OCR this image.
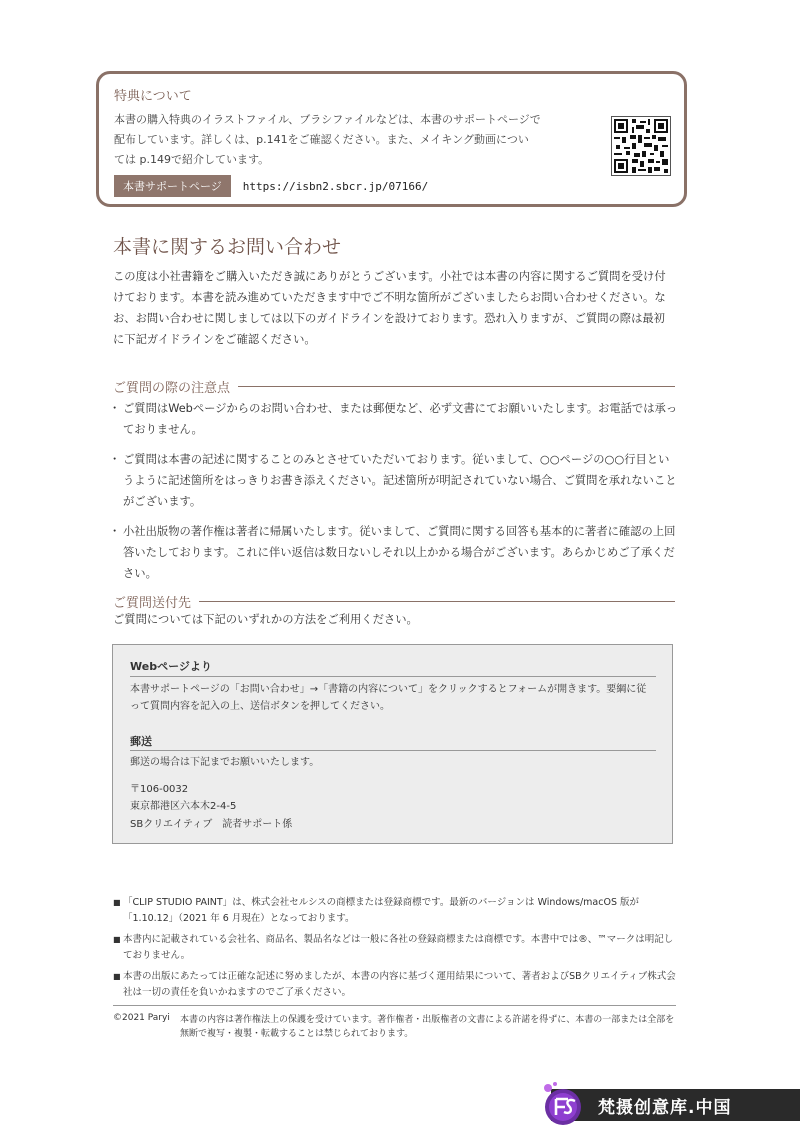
特典について

本書の購入特典のイラストファイル、ブラシファイルなどは、本書のサポートページで

配布しています。詳しくは、p.141をご確認ください。また、メイキング動画につい

ては p.149で紹介しています。

本書サポートページ	https://isbn2.sbcr.jp/07166/
本書に関するお問い合わせ

この度は小社書籍をご購入いただき誠にありがとうございます。小社では本書の内容に関するご質問を受け付けております。本書を読み進めていただきます中でご不明な箇所がございましたらお問い合わせください。なお、お問い合わせに関しましては以下のガイドラインを設けております。恐れ入りますが、ご質問の際は最初に下記ガイドラインをご確認ください。

ご質問の際の注意点
・ ご質問はWebページからのお問い合わせ、または郵便など、必ず文書にてお願いいたします。お電話では承っておりません。
・ ご質問は本書の記述に関することのみとさせていただいております。従いまして、○○ページの○○行目というように記述箇所をはっきりお書き添えください。記述箇所が明記されていない場合、ご質問を承れないことがございます。
・ 小社出版物の著作権は著者に帰属いたします。従いまして、ご質問に関する回答も基本的に著者に確認の上回答いたしております。これに伴い返信は数日ないしそれ以上かかる場合がございます。あらかじめご了承ください。
ご質問送付先
ご質問については下記のいずれかの方法をご利用ください。
Webページより

本書サポートページの「お問い合わせ」→「書籍の内容について」をクリックするとフォームが開きます。要綱に従って質問内容を記入の上、送信ボタンを押してください。

郵送

郵送の場合は下記までお願いいたします。

〒106-0032

東京都港区六本木2-4-5

SBクリエイティブ　読者サポート係

■ 「CLIP STUDIO PAINT」は、株式会社セルシスの商標または登録商標です。最新のバージョンは Windows/macOS 版が「1.10.12」（2021 年 6 月現在）となっております。
■ 本書内に記載されている会社名、商品名、製品名などは一般に各社の登録商標または商標です。本書中では®、™マークは明記しておりません。
■ 本書の出版にあたっては正確な記述に努めましたが、本書の内容に基づく運用結果について、著者およびSBクリエイティブ株式会社は一切の責任を負いかねますのでご了承ください。
©2021 Paryi 本書の内容は著作権法上の保護を受けています。著作権者・出版権者の文書による許諾を得ずに、本書の一部または全部を無断で複写・複製・転載することは禁じられております。

梵摄创意库.中国
